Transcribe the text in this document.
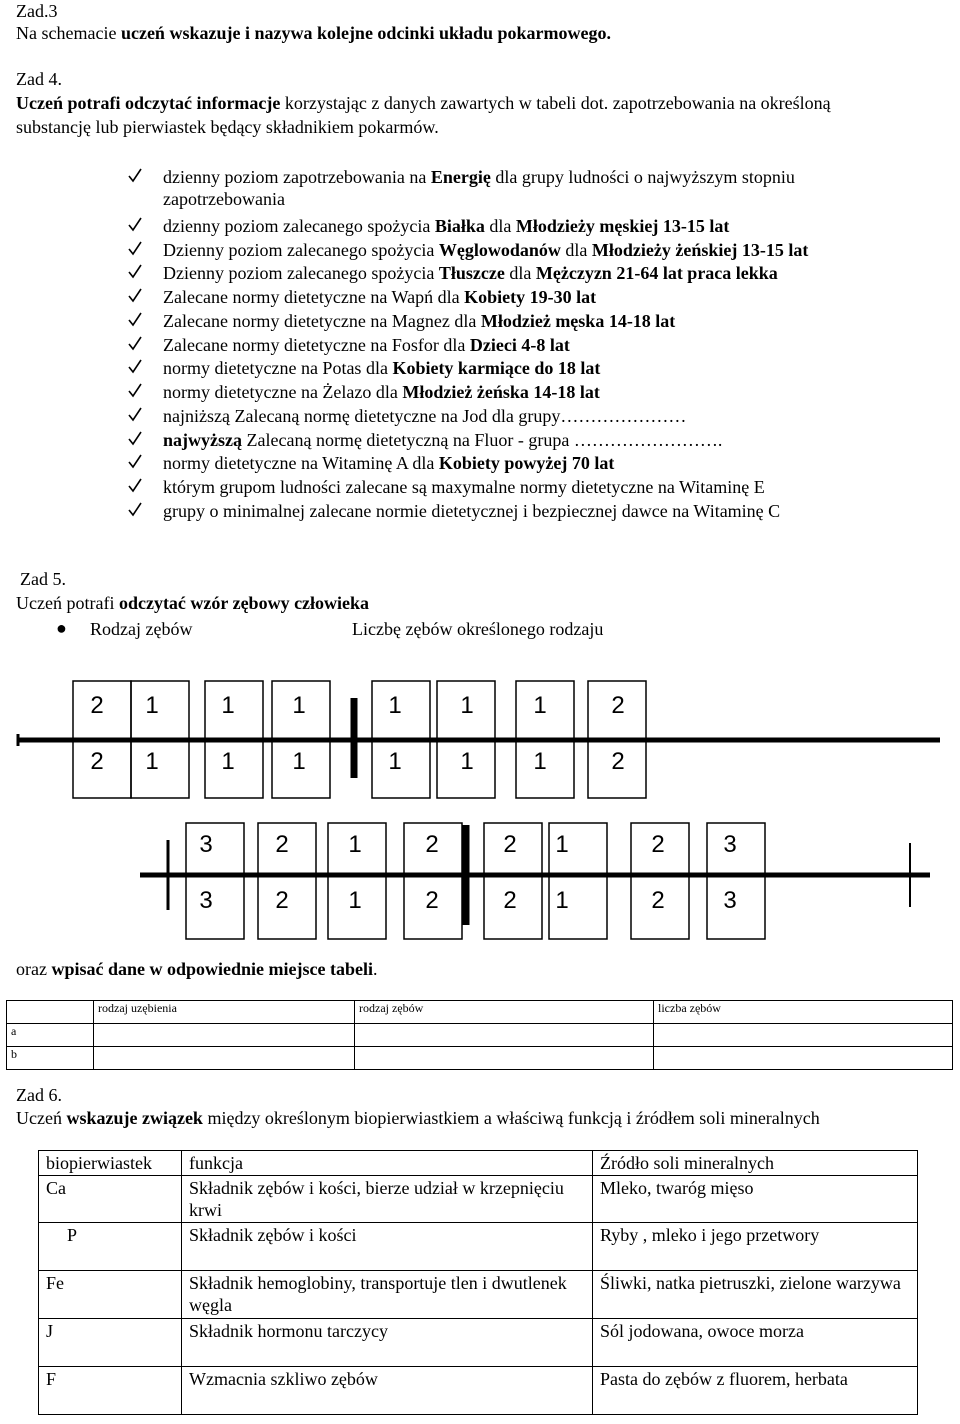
Zad.3
Na schemacie uczeń wskazuje i nazywa kolejne odcinki układu pokarmowego.
Zad 4.
Uczeń potrafi odczytać informacje korzystając z danych zawartych w tabeli dot. zapotrzebowania na określoną
substancję lub pierwiastek będący składnikiem pokarmów.
dzienny poziom zapotrzebowania na Energię dla grupy ludności o najwyższym stopniu
zapotrzebowania
dzienny poziom zalecanego spożycia Białka dla Młodzieży męskiej 13-15 lat
Dzienny poziom zalecanego spożycia Węglowodanów dla Młodzieży żeńskiej 13-15 lat
Dzienny poziom zalecanego spożycia Tłuszcze dla Mężczyzn 21-64 lat praca lekka
Zalecane normy dietetyczne na Wapń dla Kobiety 19-30 lat
Zalecane normy dietetyczne na Magnez dla Młodzież męska 14-18 lat
Zalecane normy dietetyczne na Fosfor dla Dzieci 4-8 lat
normy dietetyczne na Potas dla Kobiety karmiące do 18 lat
normy dietetyczne na Żelazo dla Młodzież żeńska 14-18 lat
najniższą Zalecaną normę dietetyczne na Jod dla grupy…………………
najwyższą Zalecaną normę dietetyczną na Fluor - grupa …………………….
normy dietetyczne na Witaminę A dla Kobiety powyżej 70 lat
którym grupom ludności zalecane są maxymalne normy dietetyczne na Witaminę E
grupy o minimalnej zalecane normie dietetycznej i bezpiecznej dawce na Witaminę C
Zad 5.
Uczeń potrafi odczytać wzór zębowy człowieka
● Rodzaj zębów	Liczbę zębów określonego rodzaju
2	1	1	1	1	1	1	2
2	1	1	1	1	1	1	2
3	2	1	2	2	1	2	3
3	2	1	2	2	1	2	3
oraz wpisać dane w odpowiednie miejsce tabeli.
	rodzaj uzębienia	rodzaj zębów	liczba zębów
a			
b			
Zad 6.
Uczeń wskazuje związek między określonym biopierwiastkiem a właściwą funkcją i źródłem soli mineralnych
biopierwiastek	funkcja	Źródło soli mineralnych
Ca	Składnik zębów i kości, bierze udział w krzepnięciu krwi	Mleko, twaróg mięso
P	Składnik zębów i kości	Ryby , mleko i jego przetwory
Fe	Składnik hemoglobiny, transportuje tlen i dwutlenek węgla	Śliwki, natka pietruszki, zielone warzywa
J	Składnik hormonu tarczycy	Sól jodowana, owoce morza
F	Wzmacnia szkliwo zębów	Pasta do zębów z fluorem, herbata
